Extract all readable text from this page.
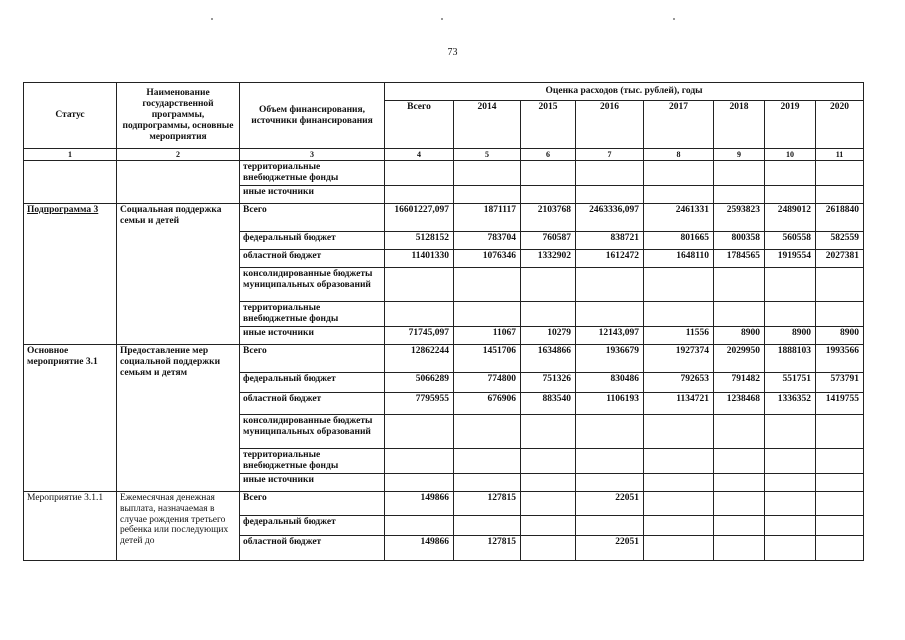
73
Статус	Наименование государственной программы, подпрограммы, основные мероприятия	Объем финансирования, источники финансирования	Оценка расходов (тыс. рублей), годы							
			Всего	2014	2015	2016	2017	2018	2019	2020
1	2	3	4	5	6	7	8	9	10	11
		территориальные внебюджетные фонды								
		иные источники								
Подпрограмма 3	Социальная поддержка семьи и детей	Всего	16601227,097	1871117	2103768	2463336,097	2461331	2593823	2489012	2618840
		федеральный бюджет	5128152	783704	760587	838721	801665	800358	560558	582559
		областной бюджет	11401330	1076346	1332902	1612472	1648110	1784565	1919554	2027381
		консолидированные бюджеты муниципальных образований								
		территориальные внебюджетные фонды								
		иные источники	71745,097	11067	10279	12143,097	11556	8900	8900	8900
Основное мероприятие 3.1	Предоставление мер социальной поддержки семьям и детям	Всего	12862244	1451706	1634866	1936679	1927374	2029950	1888103	1993566
		федеральный бюджет	5066289	774800	751326	830486	792653	791482	551751	573791
		областной бюджет	7795955	676906	883540	1106193	1134721	1238468	1336352	1419755
		консолидированные бюджеты муниципальных образований								
		территориальные внебюджетные фонды								
		иные источники								
Мероприятие 3.1.1	Ежемесячная денежная выплата, назначаемая в случае рождения третьего ребенка или последующих детей до	Всего	149866	127815		22051				
		федеральный бюджет								
		областной бюджет	149866	127815		22051				
